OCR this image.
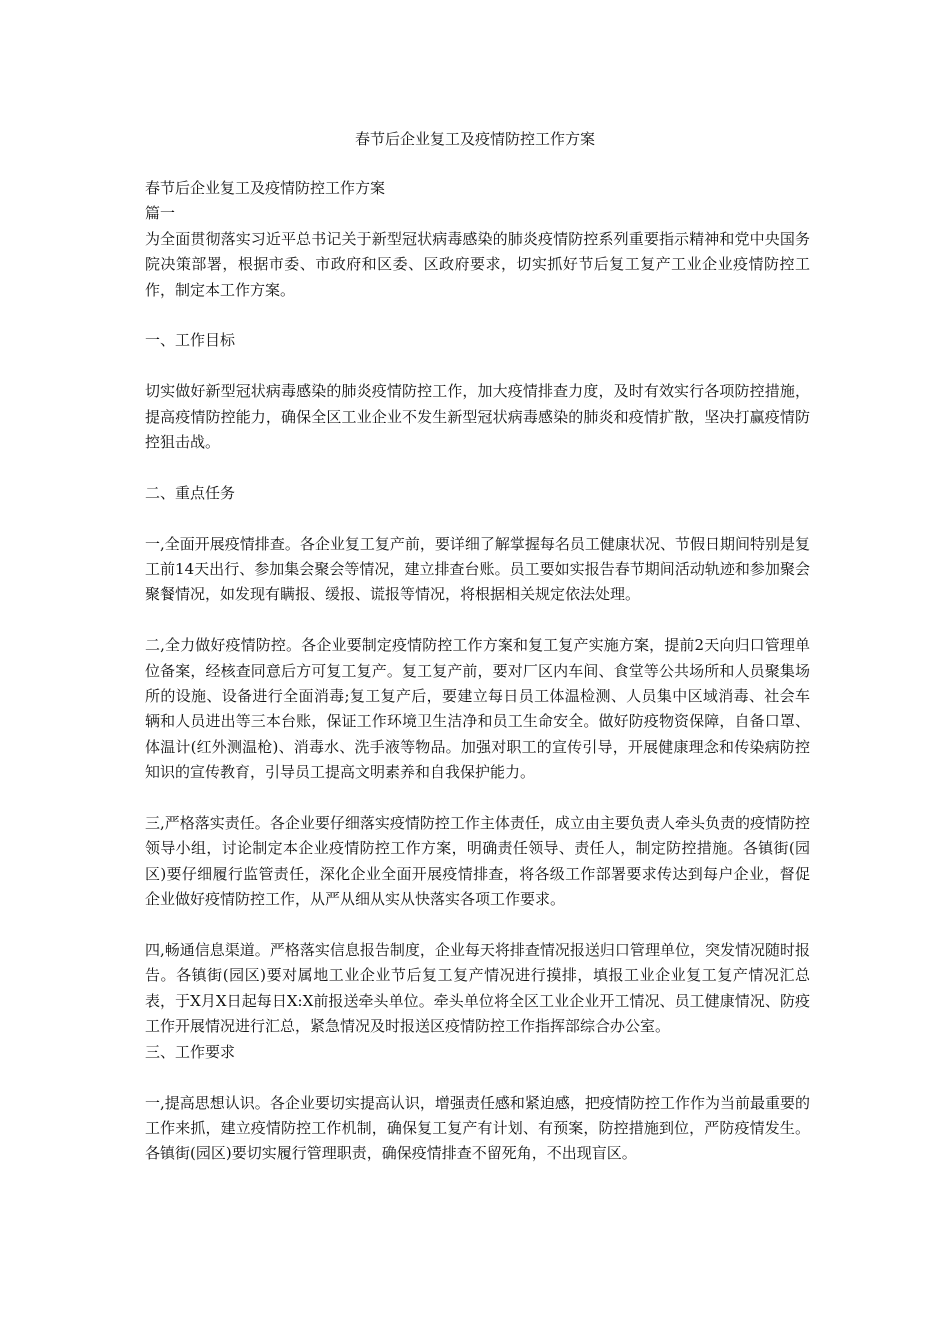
春节后企业复工及疫情防控工作方案

春节后企业复工及疫情防控工作方案

篇一

为全面贯彻落实习近平总书记关于新型冠状病毒感染的肺炎疫情防控系列重要指示精神和党中央国务院决策部署，根据市委、市政府和区委、区政府要求，切实抓好节后复工复产工业企业疫情防控工作，制定本工作方案。

一、工作目标

切实做好新型冠状病毒感染的肺炎疫情防控工作，加大疫情排查力度，及时有效实行各项防控措施，提高疫情防控能力，确保全区工业企业不发生新型冠状病毒感染的肺炎和疫情扩散，坚决打赢疫情防控狙击战。

二、重点任务

一,全面开展疫情排查。各企业复工复产前，要详细了解掌握每名员工健康状况、节假日期间特别是复工前14天出行、参加集会聚会等情况，建立排查台账。员工要如实报告春节期间活动轨迹和参加聚会聚餐情况，如发现有瞒报、缓报、谎报等情况，将根据相关规定依法处理。

二,全力做好疫情防控。各企业要制定疫情防控工作方案和复工复产实施方案，提前2天向归口管理单位备案，经核查同意后方可复工复产。复工复产前，要对厂区内车间、食堂等公共场所和人员聚集场所的设施、设备进行全面消毒;复工复产后，要建立每日员工体温检测、人员集中区域消毒、社会车辆和人员进出等三本台账，保证工作环境卫生洁净和员工生命安全。做好防疫物资保障，自备口罩、体温计(红外测温枪)、消毒水、洗手液等物品。加强对职工的宣传引导，开展健康理念和传染病防控知识的宣传教育，引导员工提高文明素养和自我保护能力。

三,严格落实责任。各企业要仔细落实疫情防控工作主体责任，成立由主要负责人牵头负责的疫情防控领导小组，讨论制定本企业疫情防控工作方案，明确责任领导、责任人，制定防控措施。各镇街(园区)要仔细履行监管责任，深化企业全面开展疫情排查，将各级工作部署要求传达到每户企业，督促企业做好疫情防控工作，从严从细从实从快落实各项工作要求。

四,畅通信息渠道。严格落实信息报告制度，企业每天将排查情况报送归口管理单位，突发情况随时报告。各镇街(园区)要对属地工业企业节后复工复产情况进行摸排，填报工业企业复工复产情况汇总表，于X月X日起每日X:X前报送牵头单位。牵头单位将全区工业企业开工情况、员工健康情况、防疫工作开展情况进行汇总，紧急情况及时报送区疫情防控工作指挥部综合办公室。

三、工作要求

一,提高思想认识。各企业要切实提高认识，增强责任感和紧迫感，把疫情防控工作作为当前最重要的工作来抓，建立疫情防控工作机制，确保复工复产有计划、有预案，防控措施到位，严防疫情发生。各镇街(园区)要切实履行管理职责，确保疫情排查不留死角，不出现盲区。
